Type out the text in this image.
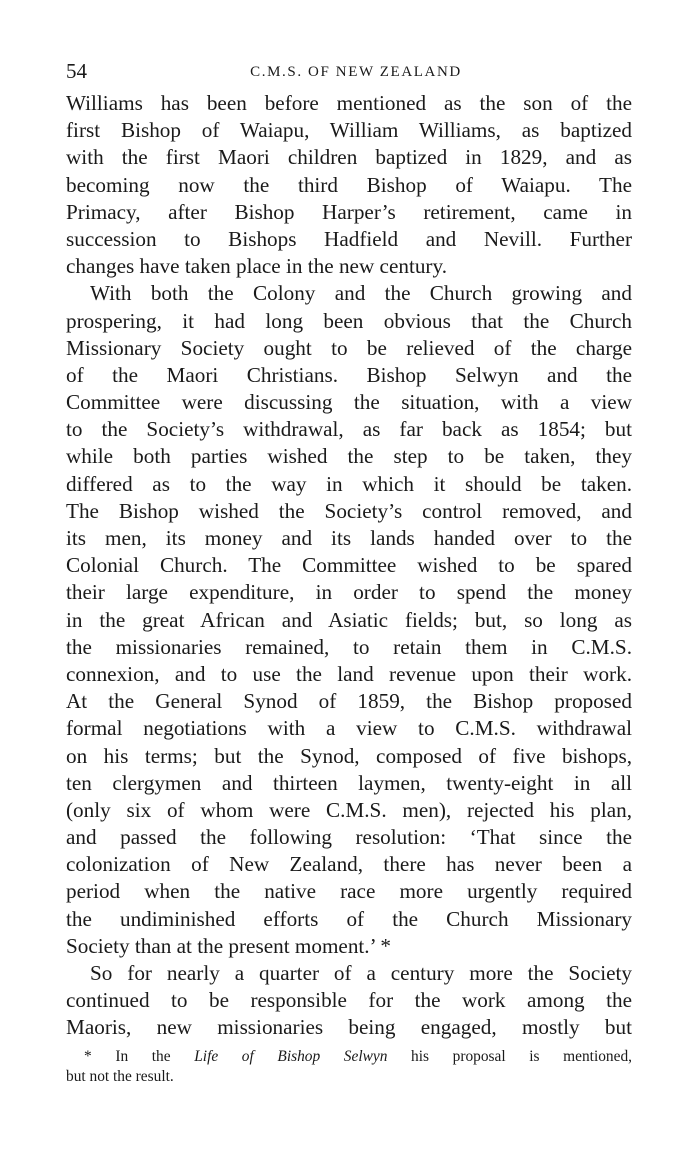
54	C.M.S. OF NEW ZEALAND
Williams has been before mentioned as the son of the
first Bishop of Waiapu, William Williams, as baptized
with the first Maori children baptized in 1829, and as
becoming now the third Bishop of Waiapu. The
Primacy, after Bishop Harper’s retirement, came in
succession to Bishops Hadfield and Nevill. Further
changes have taken place in the new century.
With both the Colony and the Church growing and
prospering, it had long been obvious that the Church
Missionary Society ought to be relieved of the charge
of the Maori Christians. Bishop Selwyn and the
Committee were discussing the situation, with a view
to the Society’s withdrawal, as far back as 1854; but
while both parties wished the step to be taken, they
differed as to the way in which it should be taken.
The Bishop wished the Society’s control removed, and
its men, its money and its lands handed over to the
Colonial Church. The Committee wished to be spared
their large expenditure, in order to spend the money
in the great African and Asiatic fields; but, so long as
the missionaries remained, to retain them in C.M.S.
connexion, and to use the land revenue upon their work.
At the General Synod of 1859, the Bishop proposed
formal negotiations with a view to C.M.S. withdrawal
on his terms; but the Synod, composed of five bishops,
ten clergymen and thirteen laymen, twenty-eight in all
(only six of whom were C.M.S. men), rejected his plan,
and passed the following resolution: ‘That since the
colonization of New Zealand, there has never been a
period when the native race more urgently required
the undiminished efforts of the Church Missionary
Society than at the present moment.’ *
So for nearly a quarter of a century more the Society
continued to be responsible for the work among the
Maoris, new missionaries being engaged, mostly but
* In the Life of Bishop Selwyn his proposal is mentioned,
but not the result.
